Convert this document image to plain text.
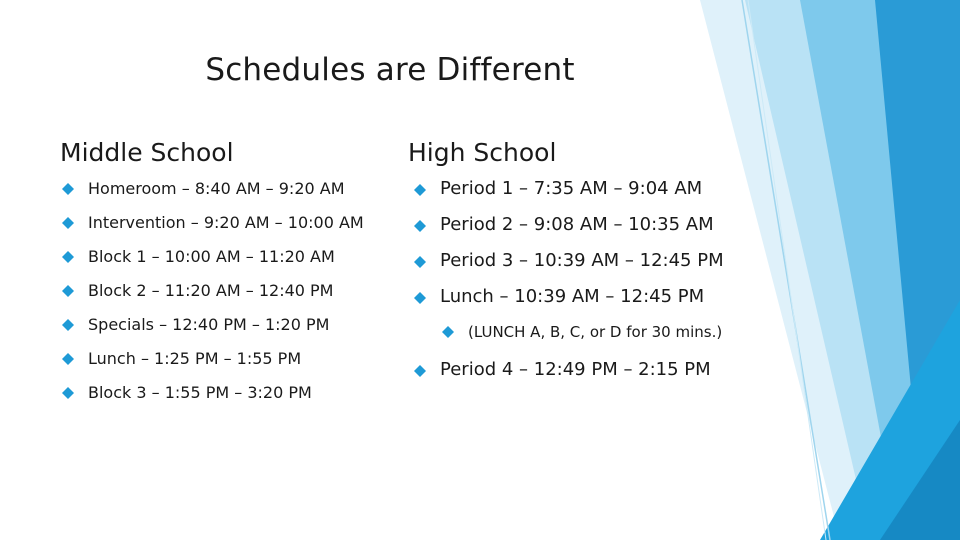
Schedules are Different
Middle School	High School
Homeroom – 8:40 AM – 9:20 AM
Intervention – 9:20 AM – 10:00 AM
Block 1 – 10:00 AM – 11:20 AM
Block 2 – 11:20 AM – 12:40 PM
Specials – 12:40 PM – 1:20 PM
Lunch – 1:25 PM – 1:55 PM
Block 3 – 1:55 PM – 3:20 PM
Period 1 – 7:35 AM – 9:04 AM
Period 2 – 9:08 AM – 10:35 AM
Period 3 – 10:39 AM – 12:45 PM
Lunch – 10:39 AM – 12:45 PM
(LUNCH A, B, C, or D for 30 mins.)
Period 4 – 12:49 PM – 2:15 PM
